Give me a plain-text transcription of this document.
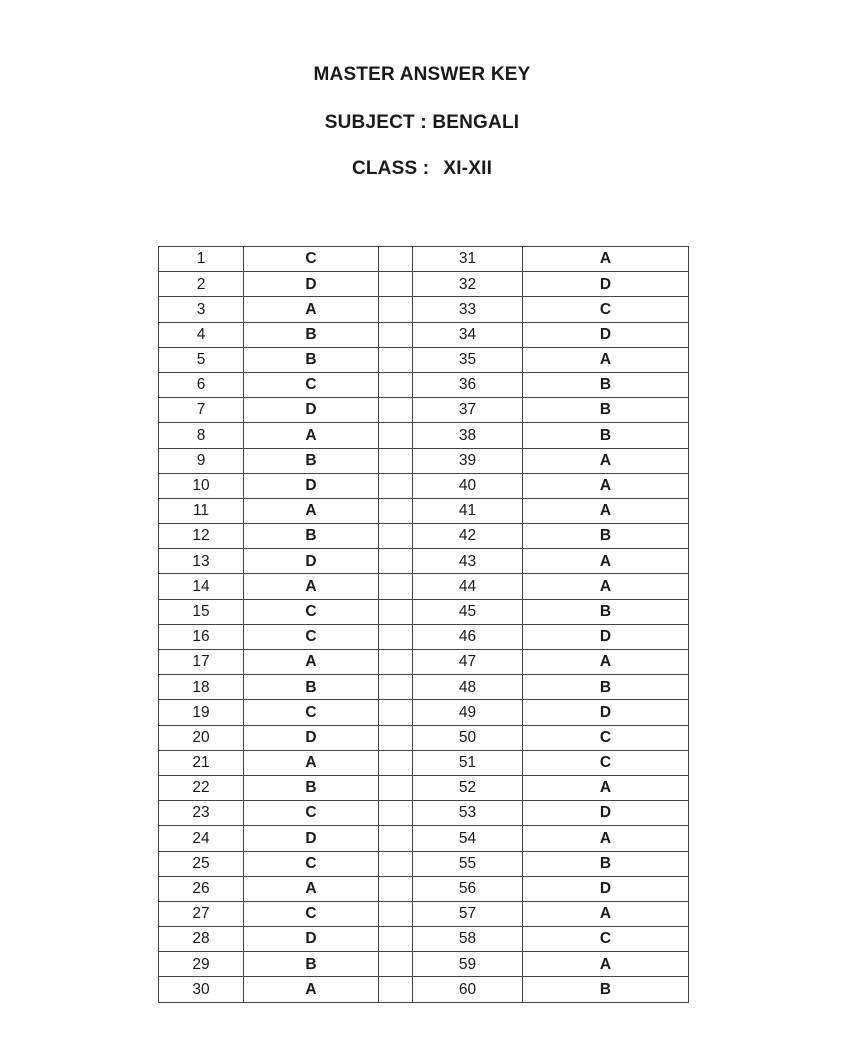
MASTER ANSWER KEY
SUBJECT : BENGALI
CLASS : XI-XII
1	C		31	A
2	D		32	D
3	A		33	C
4	B		34	D
5	B		35	A
6	C		36	B
7	D		37	B
8	A		38	B
9	B		39	A
10	D		40	A
11	A		41	A
12	B		42	B
13	D		43	A
14	A		44	A
15	C		45	B
16	C		46	D
17	A		47	A
18	B		48	B
19	C		49	D
20	D		50	C
21	A		51	C
22	B		52	A
23	C		53	D
24	D		54	A
25	C		55	B
26	A		56	D
27	C		57	A
28	D		58	C
29	B		59	A
30	A		60	B
